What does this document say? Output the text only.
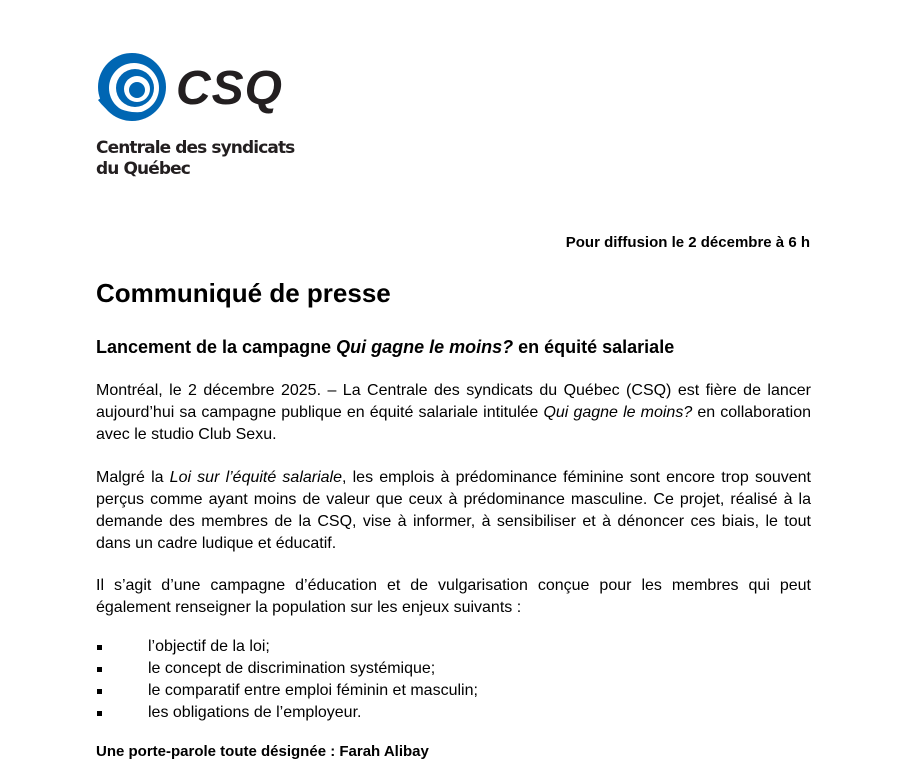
CSQ
Centrale des syndicats
du Québec
Pour diffusion le 2 décembre à 6 h
Communiqué de presse
Lancement de la campagne Qui gagne le moins? en équité salariale

Montréal, le 2 décembre 2025. – La Centrale des syndicats du Québec (CSQ) est fière de lancer aujourd’hui sa campagne publique en équité salariale intitulée Qui gagne le moins? en collaboration avec le studio Club Sexu.

Malgré la Loi sur l’équité salariale, les emplois à prédominance féminine sont encore trop souvent perçus comme ayant moins de valeur que ceux à prédominance masculine. Ce projet, réalisé à la demande des membres de la CSQ, vise à informer, à sensibiliser et à dénoncer ces biais, le tout dans un cadre ludique et éducatif.

Il s’agit d’une campagne d’éducation et de vulgarisation conçue pour les membres qui peut également renseigner la population sur les enjeux suivants :

l’objectif de la loi;
le concept de discrimination systémique;
le comparatif entre emploi féminin et masculin;
les obligations de l’employeur.
Une porte-parole toute désignée : Farah Alibay
